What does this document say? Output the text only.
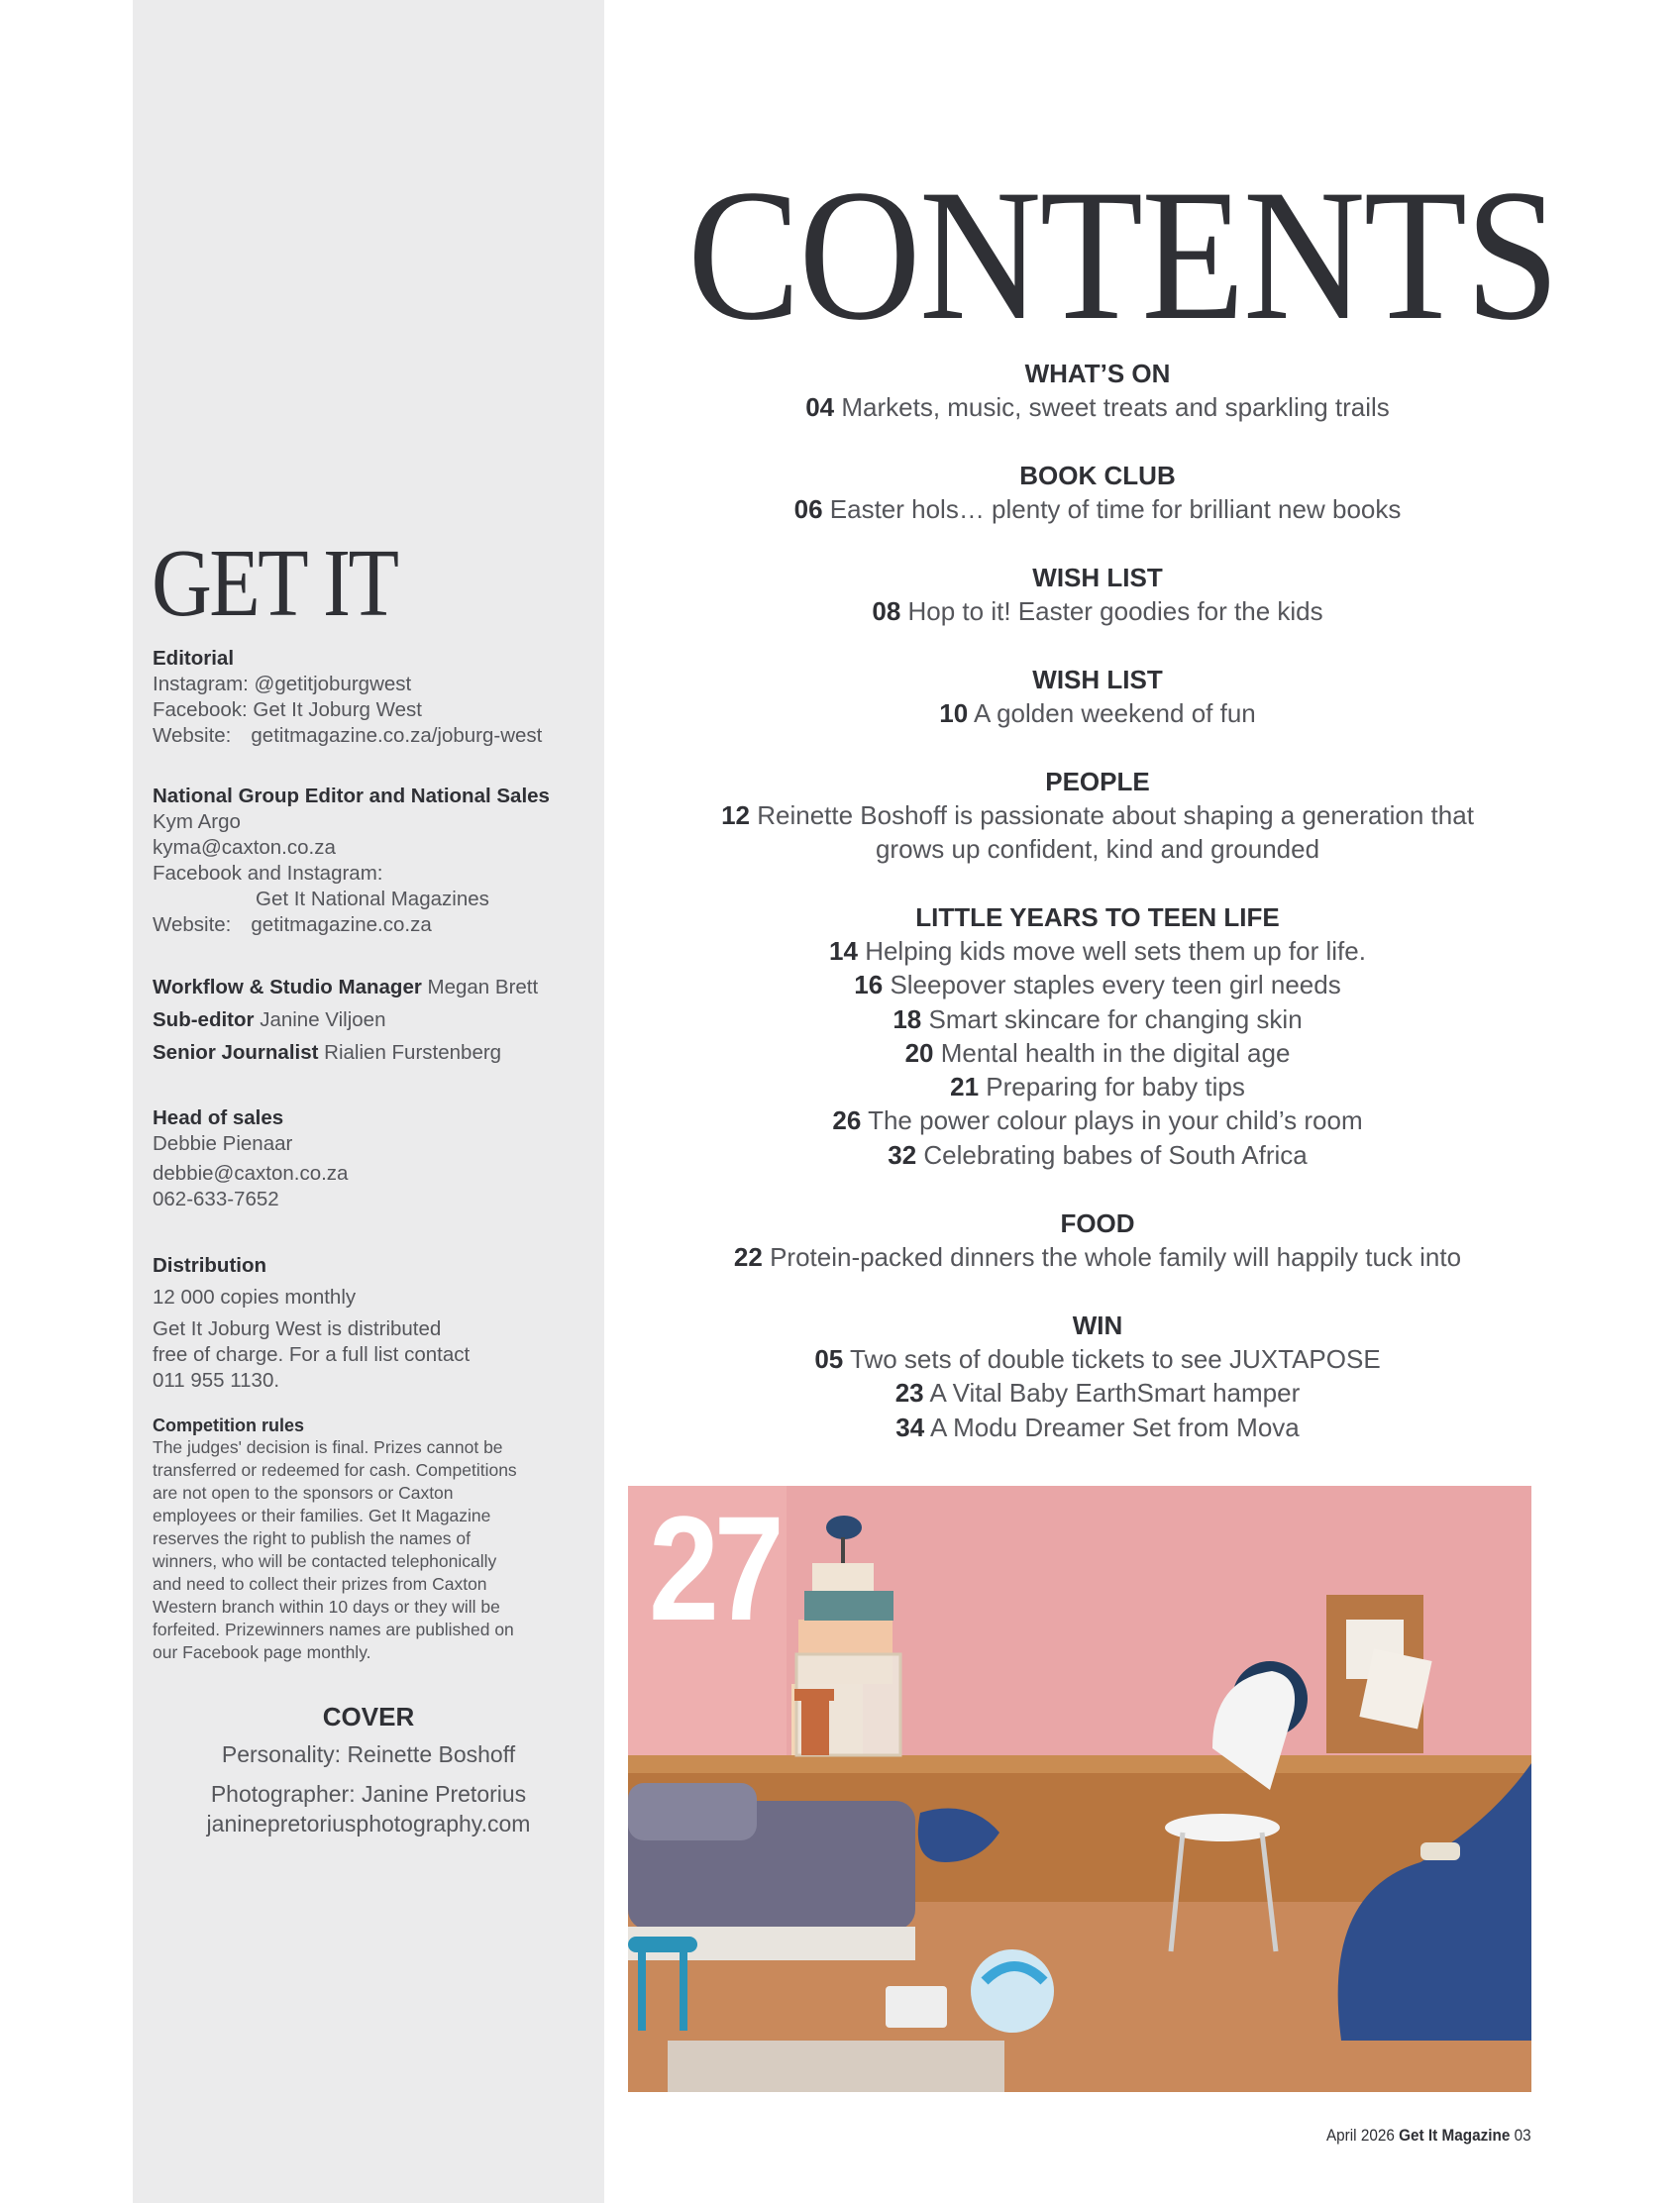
GET IT
Editorial
Instagram: @getitjoburgwest
Facebook: Get It Joburg West
Website: getitmagazine.co.za/joburg-west
National Group Editor and National Sales
Kym Argo
kyma@caxton.co.za
Facebook and Instagram:
Get It National Magazines
Website: getitmagazine.co.za
Workflow & Studio Manager Megan Brett
Sub-editor Janine Viljoen
Senior Journalist Rialien Furstenberg
Head of sales
Debbie Pienaar
debbie@caxton.co.za
062-633-7652
Distribution
12 000 copies monthly
Get It Joburg West is distributed
free of charge. For a full list contact
011 955 1130.
Competition rules
The judges' decision is final. Prizes cannot be
transferred or redeemed for cash. Competitions
are not open to the sponsors or Caxton
employees or their families. Get It Magazine
reserves the right to publish the names of
winners, who will be contacted telephonically
and need to collect their prizes from Caxton
Western branch within 10 days or they will be
forfeited. Prizewinners names are published on
our Facebook page monthly.
COVER
Personality: Reinette Boshoff
Photographer: Janine Pretorius
janinepretoriusphotography.com
CONTENTS
WHAT’S ON
04 Markets, music, sweet treats and sparkling trails
BOOK CLUB
06 Easter hols… plenty of time for brilliant new books
WISH LIST
08 Hop to it! Easter goodies for the kids
WISH LIST
10 A golden weekend of fun
PEOPLE
12 Reinette Boshoff is passionate about shaping a generation that
grows up confident, kind and grounded
LITTLE YEARS TO TEEN LIFE
14 Helping kids move well sets them up for life.
16 Sleepover staples every teen girl needs
18 Smart skincare for changing skin
20 Mental health in the digital age
21 Preparing for baby tips
26 The power colour plays in your child’s room
32 Celebrating babes of South Africa
FOOD
22 Protein-packed dinners the whole family will happily tuck into
WIN
05 Two sets of double tickets to see JUXTAPOSE
23 A Vital Baby EarthSmart hamper
34 A Modu Dreamer Set from Mova
27
April 2026 Get It Magazine 03
